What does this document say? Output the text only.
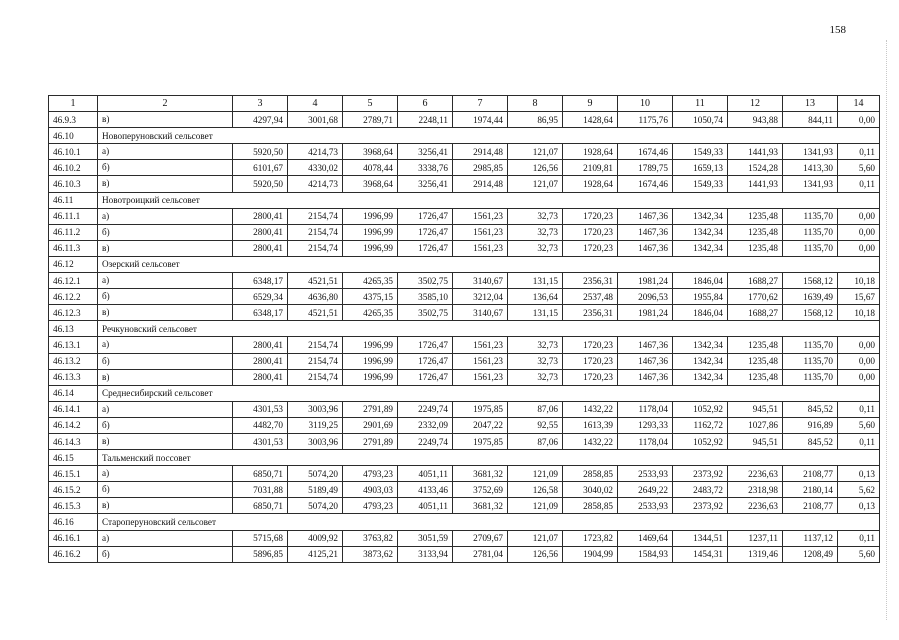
158
1	2	3	4	5	6	7	8	9	10	11	12	13	14
46.9.3	в)	4297,94	3001,68	2789,71	2248,11	1974,44	86,95	1428,64	1175,76	1050,74	943,88	844,11	0,00
46.10	Новоперуновский сельсовет												
46.10.1	а)	5920,50	4214,73	3968,64	3256,41	2914,48	121,07	1928,64	1674,46	1549,33	1441,93	1341,93	0,11
46.10.2	б)	6101,67	4330,02	4078,44	3338,76	2985,85	126,56	2109,81	1789,75	1659,13	1524,28	1413,30	5,60
46.10.3	в)	5920,50	4214,73	3968,64	3256,41	2914,48	121,07	1928,64	1674,46	1549,33	1441,93	1341,93	0,11
46.11	Новотроицкий сельсовет												
46.11.1	а)	2800,41	2154,74	1996,99	1726,47	1561,23	32,73	1720,23	1467,36	1342,34	1235,48	1135,70	0,00
46.11.2	б)	2800,41	2154,74	1996,99	1726,47	1561,23	32,73	1720,23	1467,36	1342,34	1235,48	1135,70	0,00
46.11.3	в)	2800,41	2154,74	1996,99	1726,47	1561,23	32,73	1720,23	1467,36	1342,34	1235,48	1135,70	0,00
46.12	Озерский сельсовет												
46.12.1	а)	6348,17	4521,51	4265,35	3502,75	3140,67	131,15	2356,31	1981,24	1846,04	1688,27	1568,12	10,18
46.12.2	б)	6529,34	4636,80	4375,15	3585,10	3212,04	136,64	2537,48	2096,53	1955,84	1770,62	1639,49	15,67
46.12.3	в)	6348,17	4521,51	4265,35	3502,75	3140,67	131,15	2356,31	1981,24	1846,04	1688,27	1568,12	10,18
46.13	Речкуновский сельсовет												
46.13.1	а)	2800,41	2154,74	1996,99	1726,47	1561,23	32,73	1720,23	1467,36	1342,34	1235,48	1135,70	0,00
46.13.2	б)	2800,41	2154,74	1996,99	1726,47	1561,23	32,73	1720,23	1467,36	1342,34	1235,48	1135,70	0,00
46.13.3	в)	2800,41	2154,74	1996,99	1726,47	1561,23	32,73	1720,23	1467,36	1342,34	1235,48	1135,70	0,00
46.14	Среднесибирский сельсовет												
46.14.1	а)	4301,53	3003,96	2791,89	2249,74	1975,85	87,06	1432,22	1178,04	1052,92	945,51	845,52	0,11
46.14.2	б)	4482,70	3119,25	2901,69	2332,09	2047,22	92,55	1613,39	1293,33	1162,72	1027,86	916,89	5,60
46.14.3	в)	4301,53	3003,96	2791,89	2249,74	1975,85	87,06	1432,22	1178,04	1052,92	945,51	845,52	0,11
46.15	Тальменский поссовет												
46.15.1	а)	6850,71	5074,20	4793,23	4051,11	3681,32	121,09	2858,85	2533,93	2373,92	2236,63	2108,77	0,13
46.15.2	б)	7031,88	5189,49	4903,03	4133,46	3752,69	126,58	3040,02	2649,22	2483,72	2318,98	2180,14	5,62
46.15.3	в)	6850,71	5074,20	4793,23	4051,11	3681,32	121,09	2858,85	2533,93	2373,92	2236,63	2108,77	0,13
46.16	Староперуновский сельсовет												
46.16.1	а)	5715,68	4009,92	3763,82	3051,59	2709,67	121,07	1723,82	1469,64	1344,51	1237,11	1137,12	0,11
46.16.2	б)	5896,85	4125,21	3873,62	3133,94	2781,04	126,56	1904,99	1584,93	1454,31	1319,46	1208,49	5,60
